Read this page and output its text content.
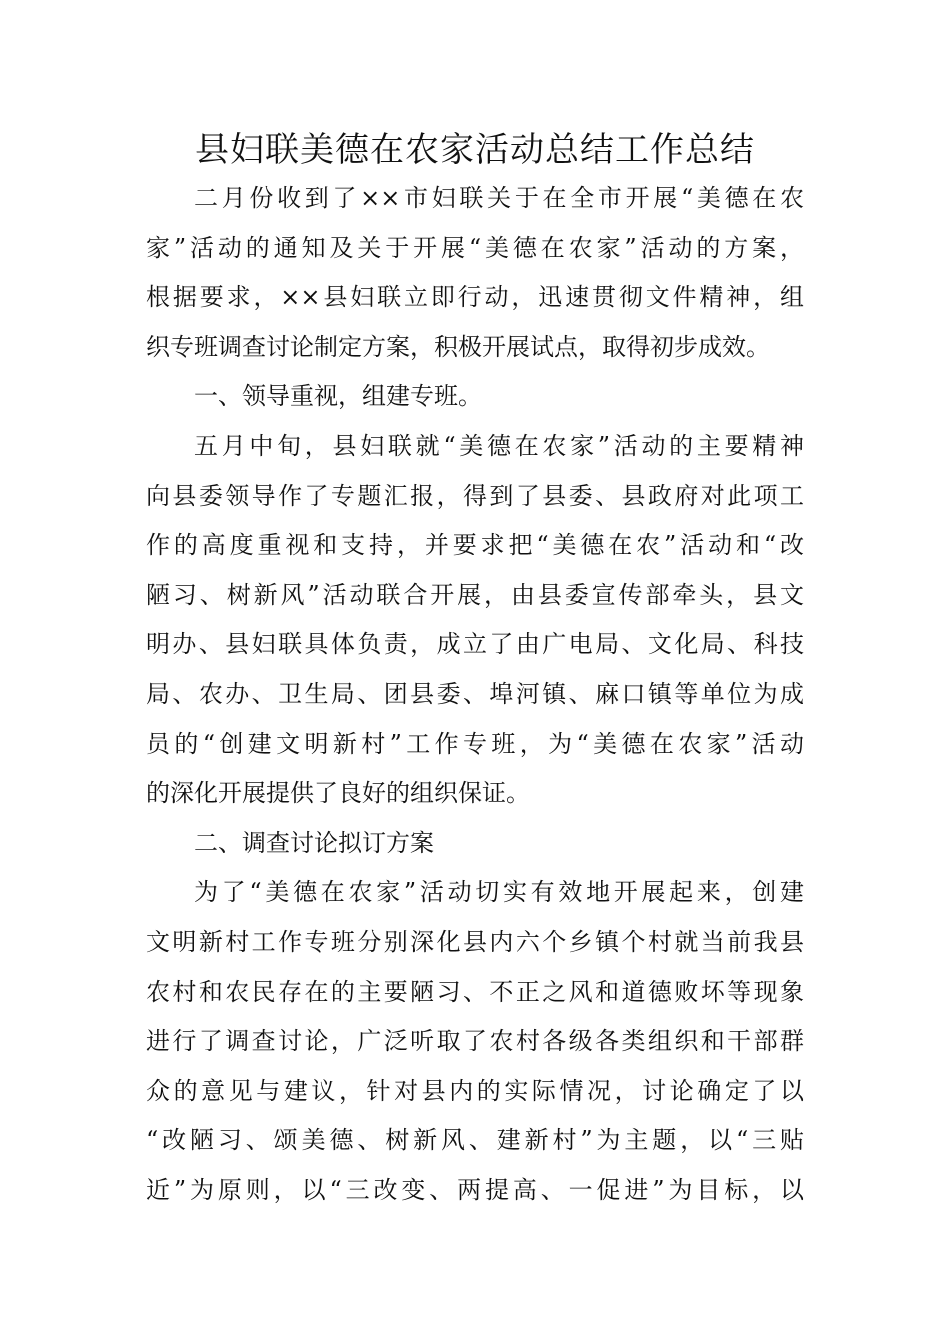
县妇联美德在农家活动总结工作总结
二月份收到了××市妇联关于在全市开展“美德在农
家”活动的通知及关于开展“美德在农家”活动的方案，
根据要求，××县妇联立即行动，迅速贯彻文件精神，组
织专班调查讨论制定方案，积极开展试点，取得初步成效。
一、领导重视，组建专班。
五月中旬，县妇联就“美德在农家”活动的主要精神
向县委领导作了专题汇报，得到了县委、县政府对此项工
作的高度重视和支持，并要求把“美德在农”活动和“改
陋习、树新风”活动联合开展，由县委宣传部牵头，县文
明办、县妇联具体负责，成立了由广电局、文化局、科技
局、农办、卫生局、团县委、埠河镇、麻口镇等单位为成
员的“创建文明新村”工作专班，为“美德在农家”活动
的深化开展提供了良好的组织保证。
二、调查讨论拟订方案
为了“美德在农家”活动切实有效地开展起来，创建
文明新村工作专班分别深化县内六个乡镇个村就当前我县
农村和农民存在的主要陋习、不正之风和道德败坏等现象
进行了调查讨论，广泛听取了农村各级各类组织和干部群
众的意见与建议，针对县内的实际情况，讨论确定了以
“改陋习、颂美德、树新风、建新村”为主题，以“三贴
近”为原则，以“三改变、两提高、一促进”为目标，以
